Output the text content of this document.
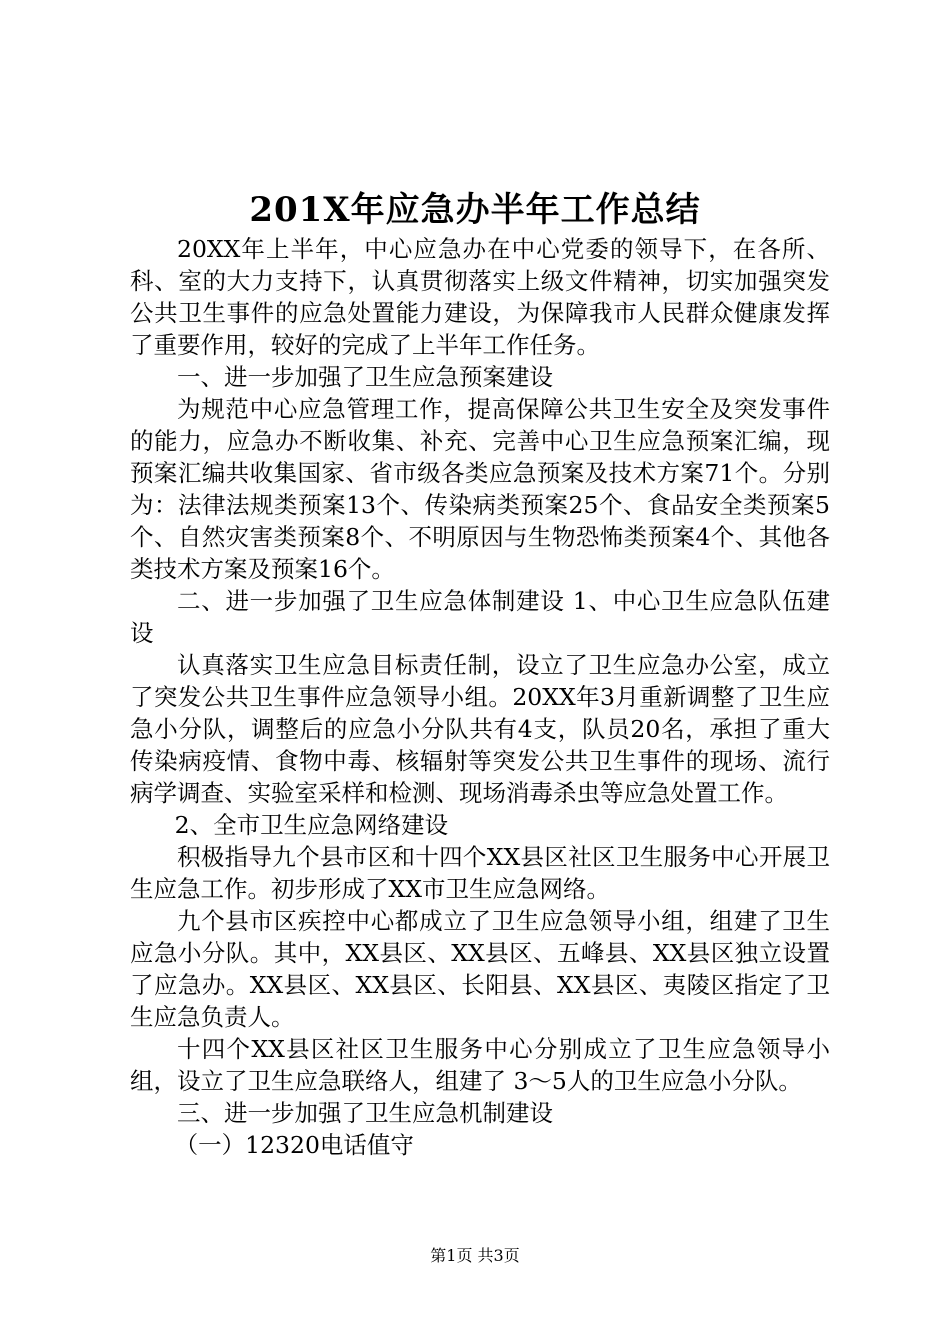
201X年应急办半年工作总结

20XX年上半年，中心应急办在中心党委的领导下，在各所、科、室的大力支持下，认真贯彻落实上级文件精神，切实加强突发公共卫生事件的应急处置能力建设，为保障我市人民群众健康发挥了重要作用，较好的完成了上半年工作任务。

一、进一步加强了卫生应急预案建设

为规范中心应急管理工作，提高保障公共卫生安全及突发事件的能力，应急办不断收集、补充、完善中心卫生应急预案汇编，现预案汇编共收集国家、省市级各类应急预案及技术方案71个。分别为：法律法规类预案13个、传染病类预案25个、食品安全类预案5个、自然灾害类预案8个、不明原因与生物恐怖类预案4个、其他各类技术方案及预案16个。

二、进一步加强了卫生应急体制建设 1、中心卫生应急队伍建设

认真落实卫生应急目标责任制，设立了卫生应急办公室，成立了突发公共卫生事件应急领导小组。20XX年3月重新调整了卫生应急小分队，调整后的应急小分队共有4支，队员20名，承担了重大传染病疫情、食物中毒、核辐射等突发公共卫生事件的现场、流行病学调查、实验室采样和检测、现场消毒杀虫等应急处置工作。

2、全市卫生应急网络建设

积极指导九个县市区和十四个XX县区社区卫生服务中心开展卫生应急工作。初步形成了XX市卫生应急网络。

九个县市区疾控中心都成立了卫生应急领导小组，组建了卫生应急小分队。其中，XX县区、XX县区、五峰县、XX县区独立设置了应急办。XX县区、XX县区、长阳县、XX县区、夷陵区指定了卫生应急负责人。

十四个XX县区社区卫生服务中心分别成立了卫生应急领导小组，设立了卫生应急联络人，组建了 3～5人的卫生应急小分队。

三、进一步加强了卫生应急机制建设

（一）12320电话值守

第1页 共3页
